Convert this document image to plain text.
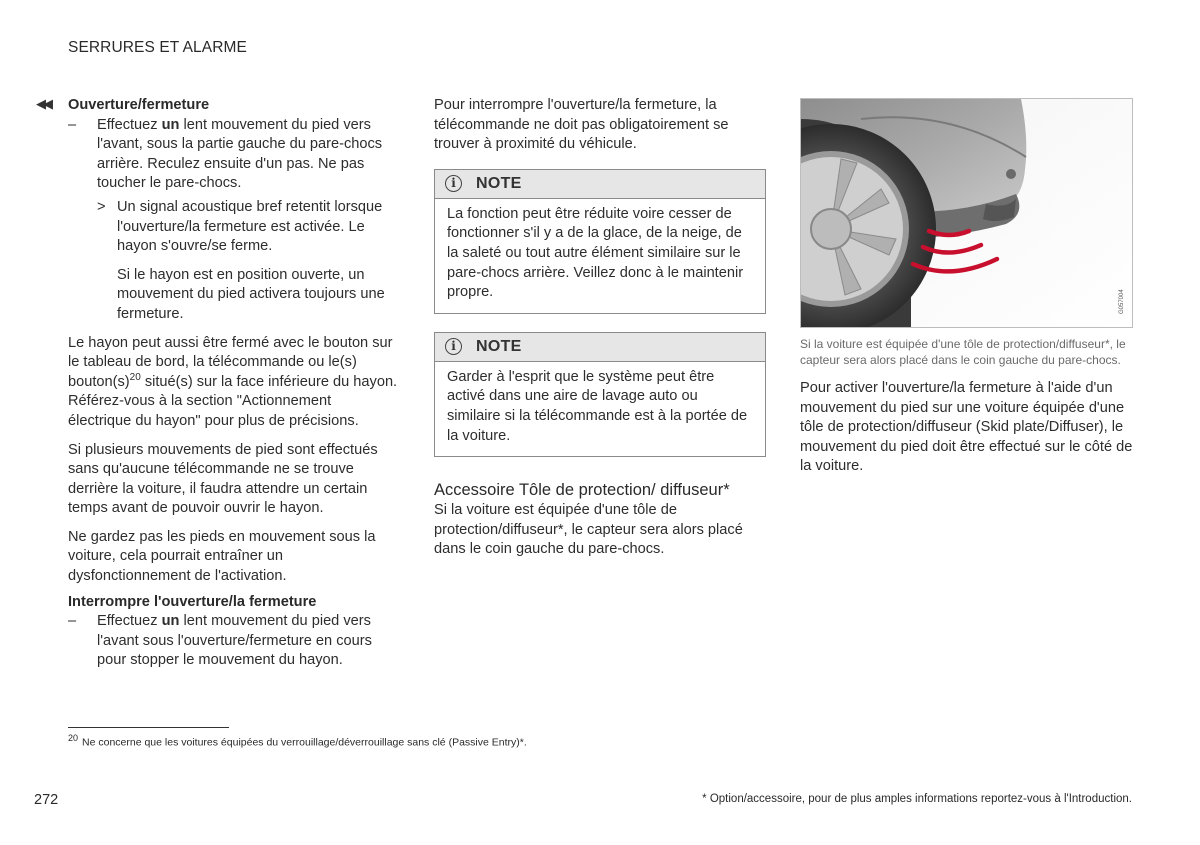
SERRURES ET ALARME
◀◀ Ouverture/fermeture
– Effectuez un lent mouvement du pied vers l'avant, sous la partie gauche du pare-chocs arrière. Reculez ensuite d'un pas. Ne pas toucher le pare-chocs.
> Un signal acoustique bref retentit lorsque l'ouverture/la fermeture est activée. Le hayon s'ouvre/se ferme.

Si le hayon est en position ouverte, un mouvement du pied activera toujours une fermeture.

Le hayon peut aussi être fermé avec le bouton sur le tableau de bord, la télécommande ou le(s) $bouton(s)^{20}$ situé(s) sur la face inférieure du hayon. Référez-vous à la section "Actionnement électrique du hayon" pour plus de précisions.

Si plusieurs mouvements de pied sont effectués sans qu'aucune télécommande ne se trouve derrière la voiture, il faudra attendre un certain temps avant de pouvoir ouvrir le hayon.

Ne gardez pas les pieds en mouvement sous la voiture, cela pourrait entraîner un dysfonctionnement de l'activation.

Interrompre l'ouverture/la fermeture
– Effectuez un lent mouvement du pied vers l'avant sous l'ouverture/fermeture en cours pour stopper le mouvement du hayon.

Pour interrompre l'ouverture/la fermeture, la télécommande ne doit pas obligatoirement se trouver à proximité du véhicule.

i	NOTE
La fonction peut être réduite voire cesser de fonctionner s'il y a de la glace, de la neige, de la saleté ou tout autre élément similaire sur le pare-chocs arrière. Veillez donc à le maintenir propre.
i	NOTE
Garder à l'esprit que le système peut être activé dans une aire de lavage auto ou similaire si la télécommande est à la portée de la voiture.
Accessoire Tôle de protection/ diffuseur*

Si la voiture est équipée d'une tôle de protection/diffuseur*, le capteur sera alors placé dans le coin gauche du pare-chocs.

G057004
Si la voiture est équipée d'une tôle de protection/diffuseur*, le capteur sera alors placé dans le coin gauche du pare-chocs.

Pour activer l'ouverture/la fermeture à l'aide d'un mouvement du pied sur une voiture équipée d'une tôle de protection/diffuseur (Skid plate/Diffuser), le mouvement du pied doit être effectué sur le côté de la voiture.

$^{20}$ Ne concerne que les voitures équipées du verrouillage/déverrouillage sans clé (Passive Entry)*.
272	* Option/accessoire, pour de plus amples informations reportez-vous à l'Introduction.
